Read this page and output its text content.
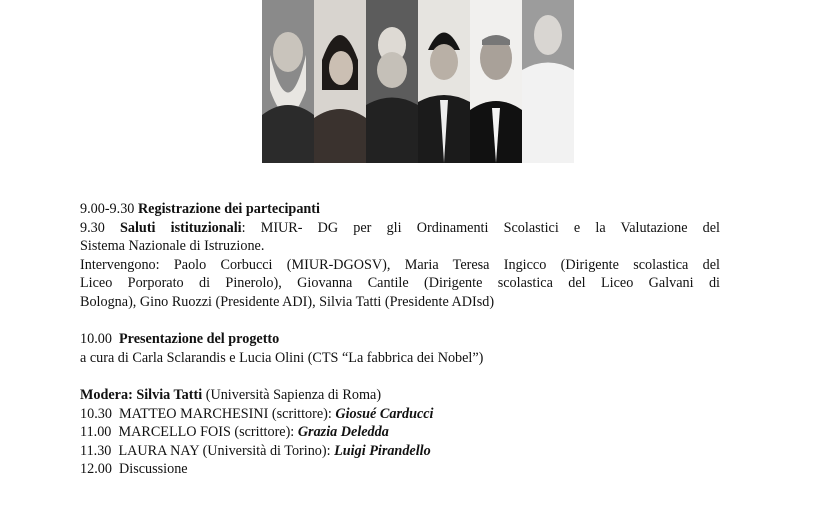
9.00-9.30 Registrazione dei partecipanti
9.30 Saluti istituzionali: MIUR- DG per gli Ordinamenti Scolastici e la Valutazione del
Sistema Nazionale di Istruzione.
Intervengono: Paolo Corbucci (MIUR-DGOSV), Maria Teresa Ingicco (Dirigente scolastica del
Liceo Porporato di Pinerolo), Giovanna Cantile (Dirigente scolastica del Liceo Galvani di
Bologna), Gino Ruozzi (Presidente ADI), Silvia Tatti (Presidente ADIsd)
10.00 Presentazione del progetto
a cura di Carla Sclarandis e Lucia Olini (CTS “La fabbrica dei Nobel”)
Modera: Silvia Tatti (Università Sapienza di Roma)
10.30 MATTEO MARCHESINI (scrittore): Giosué Carducci
11.00 MARCELLO FOIS (scrittore): Grazia Deledda
11.30 LAURA NAY (Università di Torino): Luigi Pirandello
12.00 Discussione
